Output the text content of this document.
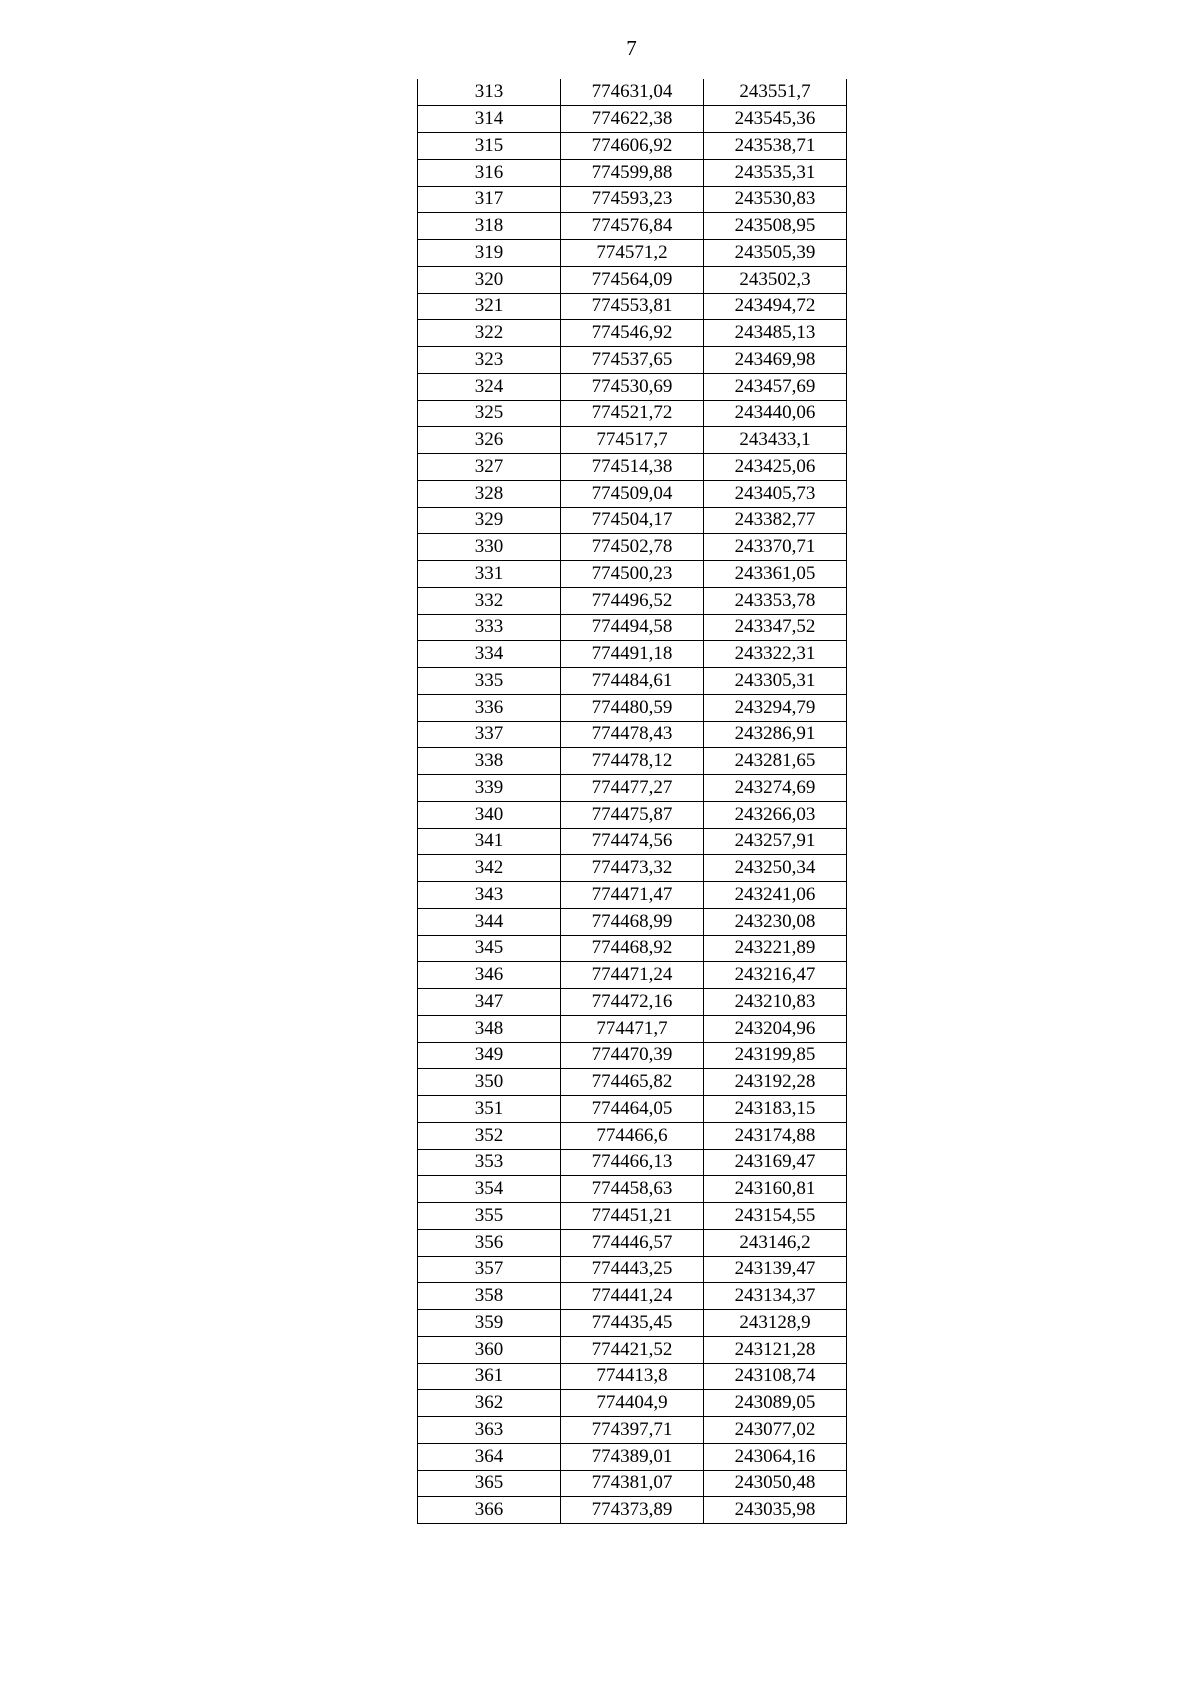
7
313	774631,04	243551,7
314	774622,38	243545,36
315	774606,92	243538,71
316	774599,88	243535,31
317	774593,23	243530,83
318	774576,84	243508,95
319	774571,2	243505,39
320	774564,09	243502,3
321	774553,81	243494,72
322	774546,92	243485,13
323	774537,65	243469,98
324	774530,69	243457,69
325	774521,72	243440,06
326	774517,7	243433,1
327	774514,38	243425,06
328	774509,04	243405,73
329	774504,17	243382,77
330	774502,78	243370,71
331	774500,23	243361,05
332	774496,52	243353,78
333	774494,58	243347,52
334	774491,18	243322,31
335	774484,61	243305,31
336	774480,59	243294,79
337	774478,43	243286,91
338	774478,12	243281,65
339	774477,27	243274,69
340	774475,87	243266,03
341	774474,56	243257,91
342	774473,32	243250,34
343	774471,47	243241,06
344	774468,99	243230,08
345	774468,92	243221,89
346	774471,24	243216,47
347	774472,16	243210,83
348	774471,7	243204,96
349	774470,39	243199,85
350	774465,82	243192,28
351	774464,05	243183,15
352	774466,6	243174,88
353	774466,13	243169,47
354	774458,63	243160,81
355	774451,21	243154,55
356	774446,57	243146,2
357	774443,25	243139,47
358	774441,24	243134,37
359	774435,45	243128,9
360	774421,52	243121,28
361	774413,8	243108,74
362	774404,9	243089,05
363	774397,71	243077,02
364	774389,01	243064,16
365	774381,07	243050,48
366	774373,89	243035,98
